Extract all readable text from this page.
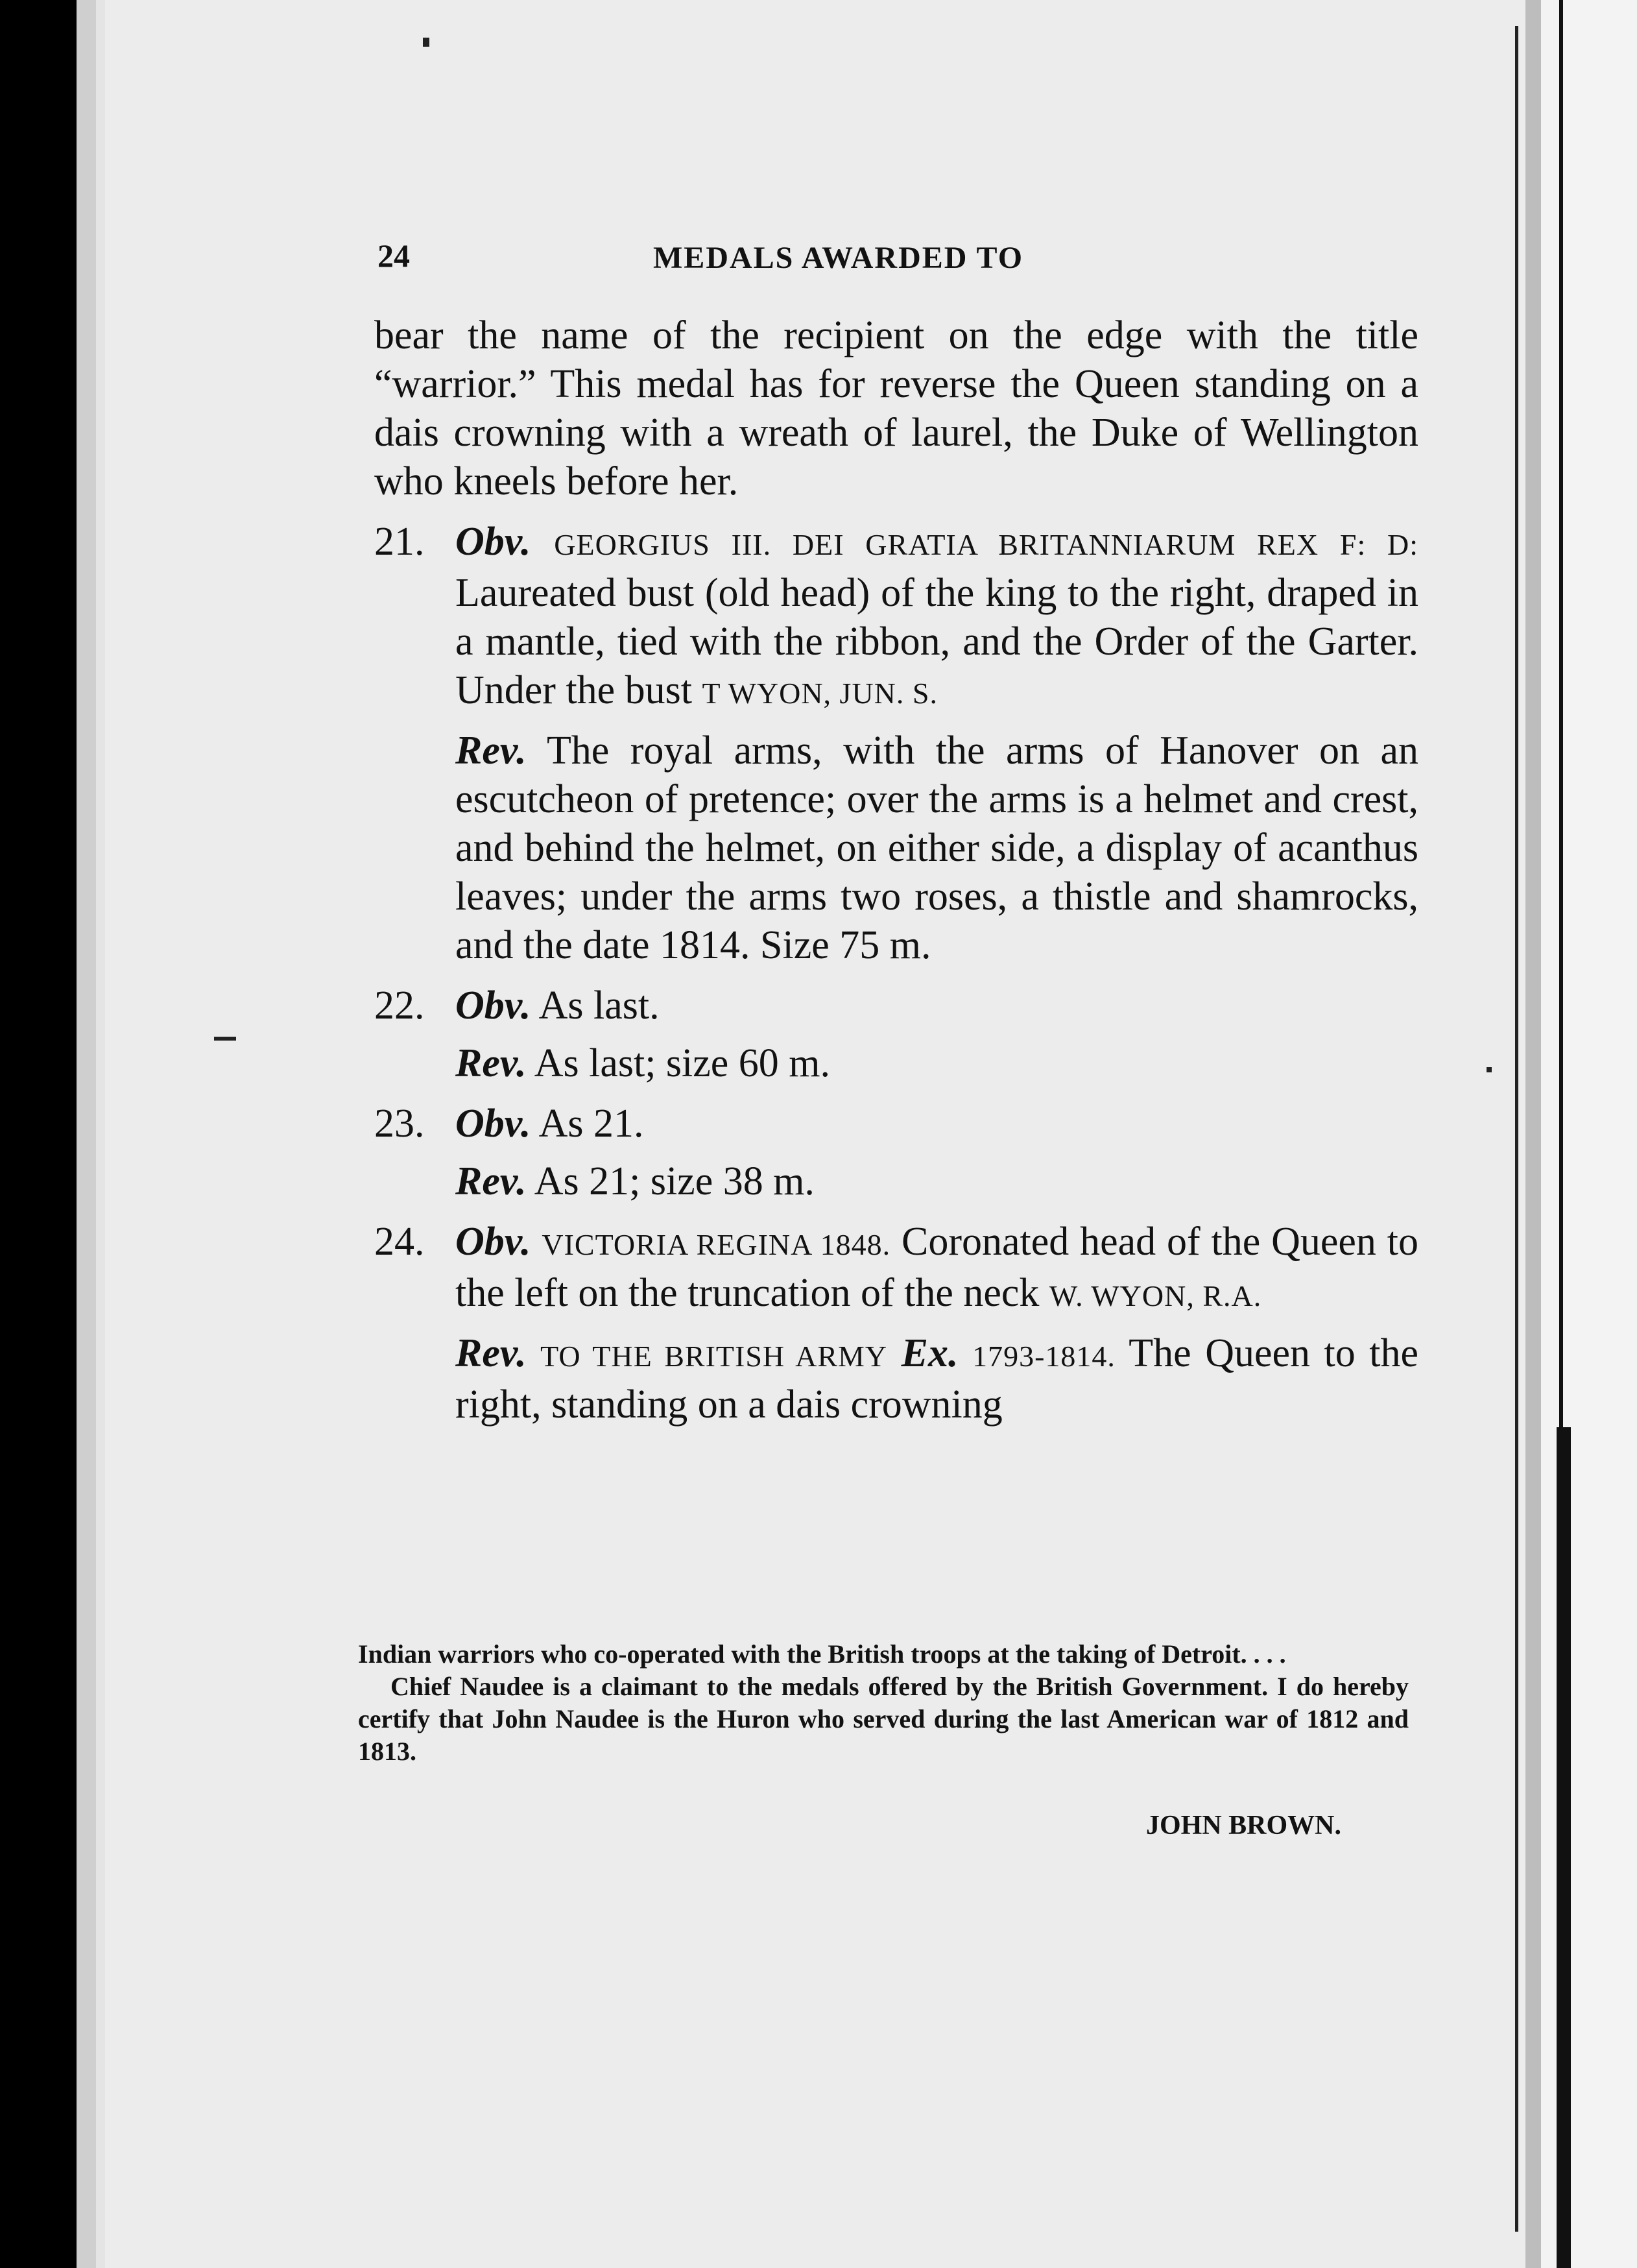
24	MEDALS AWARDED TO

bear the name of the recipient on the edge with the title “warrior.” This medal has for reverse the Queen standing on a dais crowning with a wreath of laurel, the Duke of Wellington who kneels before her.

21. Obv. GEORGIUS III. DEI GRATIA BRITANNIARUM REX F: D: Laureated bust (old head) of the king to the right, draped in a mantle, tied with the ribbon, and the Order of the Garter. Under the bust T WYON, JUN. S.

Rev. The royal arms, with the arms of Hanover on an escutcheon of pretence; over the arms is a helmet and crest, and behind the helmet, on either side, a display of acanthus leaves; under the arms two roses, a thistle and shamrocks, and the date 1814. Size 75 m.

22. Obv. As last.

Rev. As last; size 60 m.

23. Obv. As 21.

Rev. As 21; size 38 m.

24. Obv. VICTORIA REGINA 1848. Coronated head of the Queen to the left on the truncation of the neck W. WYON, R.A.

Rev. TO THE BRITISH ARMY Ex. 1793-1814. The Queen to the right, standing on a dais crowning

Indian warriors who co-operated with the British troops at the taking of Detroit. . . .

Chief Naudee is a claimant to the medals offered by the British Government. I do hereby certify that John Naudee is the Huron who served during the last American war of 1812 and 1813.

JOHN BROWN.
